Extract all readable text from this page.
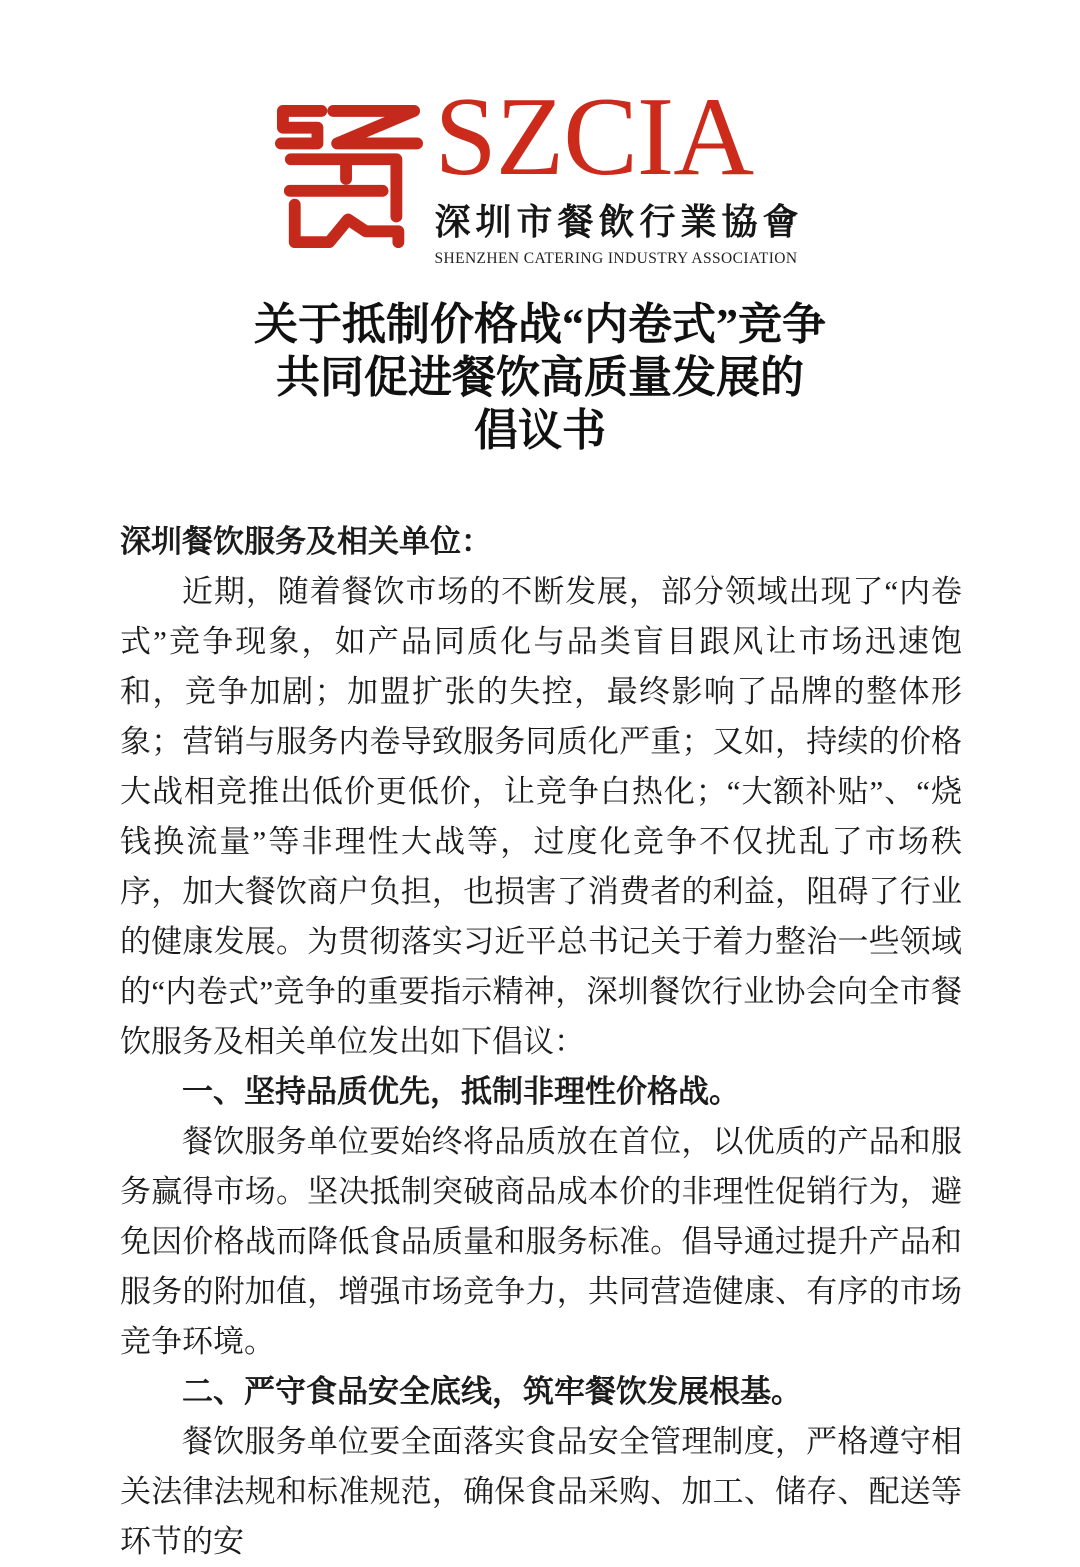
SZCIA
深圳市餐飲行業協會
SHENZHEN CATERING INDUSTRY ASSOCIATION
关于抵制价格战“内卷式”竞争
共同促进餐饮高质量发展的
倡议书

深圳餐饮服务及相关单位：

近期，随着餐饮市场的不断发展，部分领域出现了“内卷式”竞争现象，如产品同质化与品类盲目跟风让市场迅速饱和，竞争加剧；加盟扩张的失控，最终影响了品牌的整体形象；营销与服务内卷导致服务同质化严重；又如，持续的价格大战相竞推出低价更低价，让竞争白热化；“大额补贴”、“烧钱换流量”等非理性大战等，过度化竞争不仅扰乱了市场秩序，加大餐饮商户负担，也损害了消费者的利益，阻碍了行业的健康发展。为贯彻落实习近平总书记关于着力整治一些领域的“内卷式”竞争的重要指示精神，深圳餐饮行业协会向全市餐饮服务及相关单位发出如下倡议：

一、坚持品质优先，抵制非理性价格战。

餐饮服务单位要始终将品质放在首位，以优质的产品和服务赢得市场。坚决抵制突破商品成本价的非理性促销行为，避免因价格战而降低食品质量和服务标准。倡导通过提升产品和服务的附加值，增强市场竞争力，共同营造健康、有序的市场竞争环境。

二、严守食品安全底线，筑牢餐饮发展根基。

餐饮服务单位要全面落实食品安全管理制度，严格遵守相关法律法规和标准规范，确保食品采购、加工、储存、配送等环节的安
